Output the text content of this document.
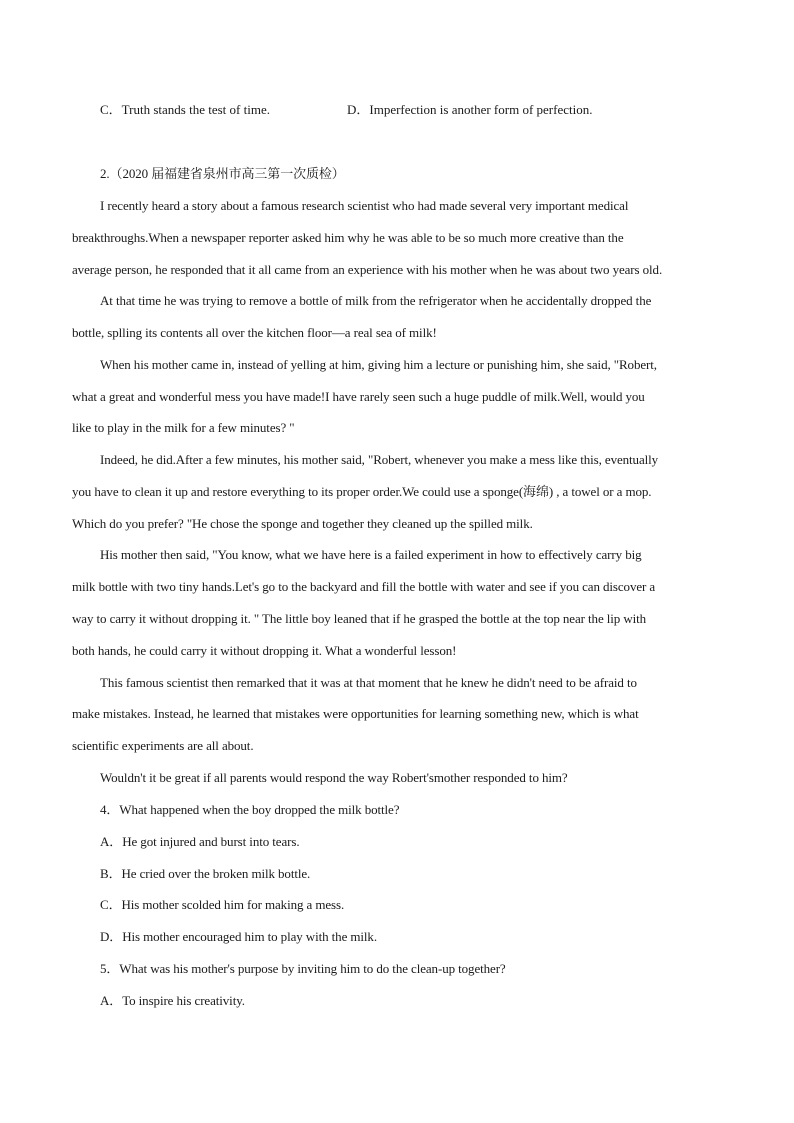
C．Truth stands the test of time.	D．Imperfection is another form of perfection.
2.（2020 届福建省泉州市高三第一次质检）
I recently heard a story about a famous research scientist who had made several very important medical
breakthroughs.When a newspaper reporter asked him why he was able to be so much more creative than the
average person, he responded that it all came from an experience with his mother when he was about two years old.
At that time he was trying to remove a bottle of milk from the refrigerator when he accidentally dropped the
bottle, splling its contents all over the kitchen floor—a real sea of milk!
When his mother came in, instead of yelling at him, giving him a lecture or punishing him, she said, "Robert,
what a great and wonderful mess you have made!I have rarely seen such a huge puddle of milk.Well, would you
like to play in the milk for a few minutes? "
Indeed, he did.After a few minutes, his mother said, "Robert, whenever you make a mess like this, eventually
you have to clean it up and restore everything to its proper order.We could use a sponge(海绵) , a towel or a mop.
Which do you prefer? "He chose the sponge and together they cleaned up the spilled milk.
His mother then said, "You know, what we have here is a failed experiment in how to effectively carry big
milk bottle with two tiny hands.Let's go to the backyard and fill the bottle with water and see if you can discover a
way to carry it without dropping it. " The little boy leaned that if he grasped the bottle at the top near the lip with
both hands, he could carry it without dropping it. What a wonderful lesson!
This famous scientist then remarked that it was at that moment that he knew he didn't need to be afraid to
make mistakes. Instead, he learned that mistakes were opportunities for learning something new, which is what
scientific experiments are all about.
Wouldn't it be great if all parents would respond the way Robert'smother responded to him?
4．What happened when the boy dropped the milk bottle?
A．He got injured and burst into tears.
B．He cried over the broken milk bottle.
C．His mother scolded him for making a mess.
D．His mother encouraged him to play with the milk.
5．What was his mother's purpose by inviting him to do the clean-up together?
A．To inspire his creativity.
